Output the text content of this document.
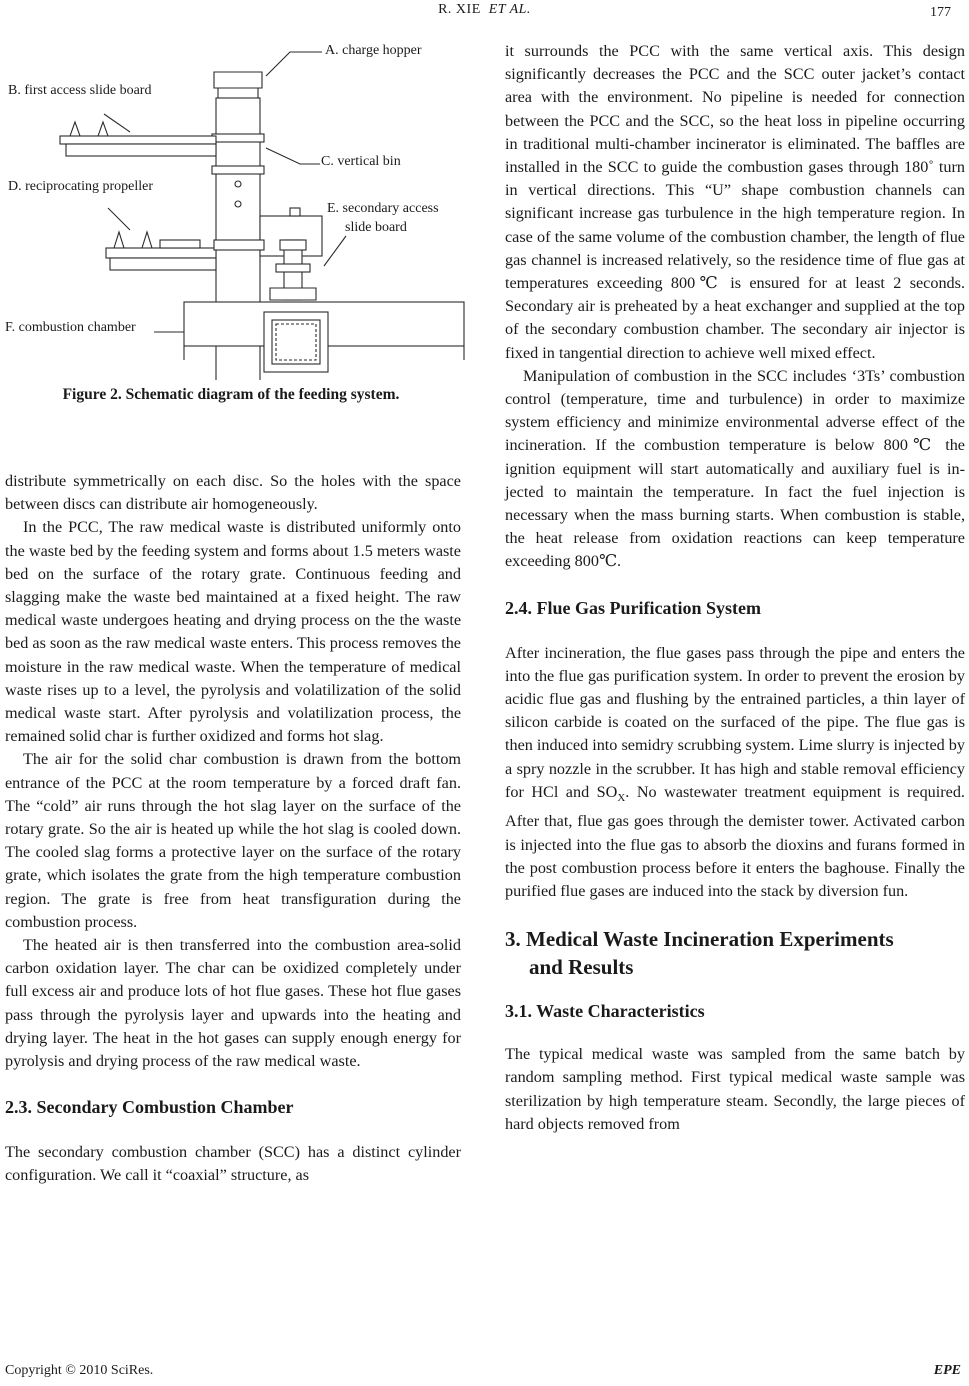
R. XIE ET AL.	177
A. charge hopper
B. first access slide board
C. vertical bin
D. reciprocating propeller
E. secondary access
slide board
F. combustion chamber
Figure 2. Schematic diagram of the feeding system.

distribute symmetrically on each disc. So the holes with the space between discs can distribute air homogeneously.

In the PCC, The raw medical waste is distributed uniformly onto the waste bed by the feeding system and forms about 1.5 meters waste bed on the surface of the rotary grate. Continuous feeding and slagging make the waste bed maintained at a fixed height. The raw medical waste undergoes heating and drying process on the the waste bed as soon as the raw medical waste enters. This process removes the moisture in the raw medical waste. When the temperature of medical waste rises up to a level, the pyrolysis and volatilization of the solid medical waste start. After pyrolysis and volatilization process, the remained solid char is further oxidized and forms hot slag.

The air for the solid char combustion is drawn from the bottom entrance of the PCC at the room temperature by a forced draft fan. The “cold” air runs through the hot slag layer on the surface of the rotary grate. So the air is heated up while the hot slag is cooled down. The cooled slag forms a protective layer on the surface of the rotary grate, which isolates the grate from the high temperature combustion region. The grate is free from heat transfiguration during the combustion process.

The heated air is then transferred into the combustion area-solid carbon oxidation layer. The char can be oxidized completely under full excess air and produce lots of hot flue gases. These hot flue gases pass through the pyrolysis layer and upwards into the heating and drying layer. The heat in the hot gases can supply enough energy for pyrolysis and drying process of the raw medical waste.

2.3. Secondary Combustion Chamber

The secondary combustion chamber (SCC) has a distinct cylinder configuration. We call it “coaxial” structure, as

it surrounds the PCC with the same vertical axis. This design significantly decreases the PCC and the SCC outer jacket’s contact area with the environment. No pipeline is needed for connection between the PCC and the SCC, so the heat loss in pipeline occurring in traditional multi-chamber incinerator is eliminated. The baffles are installed in the SCC to guide the combustion gases through 180˚ turn in vertical directions. This “U” shape combustion channels can significant increase gas turbulence in the high temperature region. In case of the same volume of the combustion chamber, the length of flue gas channel is increased relatively, so the residence time of flue gas at temperatures exceeding 800℃ is ensured for at least 2 seconds. Secondary air is preheated by a heat exchanger and supplied at the top of the secondary combustion chamber. The secondary air injector is fixed in tangential direction to achieve well mixed effect.

Manipulation of combustion in the SCC includes ‘3Ts’ combustion control (temperature, time and turbulence) in order to maximize system efficiency and minimize environmental adverse effect of the incineration. If the combustion temperature is below 800℃ the ignition equipment will start automatically and auxiliary fuel is injected to maintain the temperature. In fact the fuel injection is necessary when the mass burning starts. When combustion is stable, the heat release from oxidation reactions can keep temperature exceeding 800℃.

2.4. Flue Gas Purification System

After incineration, the flue gases pass through the pipe and enters the into the flue gas purification system. In order to prevent the erosion by acidic flue gas and flushing by the entrained particles, a thin layer of silicon carbide is coated on the surfaced of the pipe. The flue gas is then induced into semidry scrubbing system. Lime slurry is injected by a spry nozzle in the scrubber. It has high and stable removal efficiency for HCl and $SO_X$. No wastewater treatment equipment is required. After that, flue gas goes through the demister tower. Activated carbon is injected into the flue gas to absorb the dioxins and furans formed in the post combustion process before it enters the baghouse. Finally the purified flue gases are induced into the stack by diversion fun.

3. Medical Waste Incineration Experiments
and Results
3.1. Waste Characteristics

The typical medical waste was sampled from the same batch by random sampling method. First typical medical waste sample was sterilization by high temperature steam. Secondly, the large pieces of hard objects removed from

Copyright © 2010 SciRes.	EPE
